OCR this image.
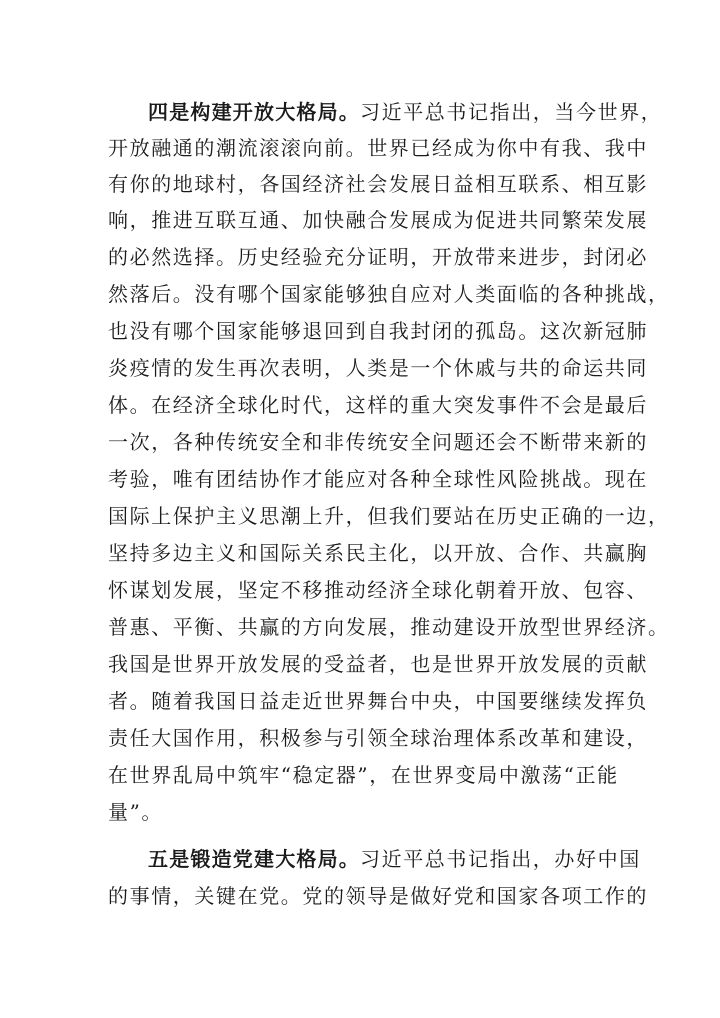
四是构建开放大格局。习近平总书记指出，当今世界，
开放融通的潮流滚滚向前。世界已经成为你中有我、我中
有你的地球村，各国经济社会发展日益相互联系、相互影
响，推进互联互通、加快融合发展成为促进共同繁荣发展
的必然选择。历史经验充分证明，开放带来进步，封闭必
然落后。没有哪个国家能够独自应对人类面临的各种挑战，
也没有哪个国家能够退回到自我封闭的孤岛。这次新冠肺
炎疫情的发生再次表明，人类是一个休戚与共的命运共同
体。在经济全球化时代，这样的重大突发事件不会是最后
一次，各种传统安全和非传统安全问题还会不断带来新的
考验，唯有团结协作才能应对各种全球性风险挑战。现在
国际上保护主义思潮上升，但我们要站在历史正确的一边，
坚持多边主义和国际关系民主化，以开放、合作、共赢胸
怀谋划发展，坚定不移推动经济全球化朝着开放、包容、
普惠、平衡、共赢的方向发展，推动建设开放型世界经济。
我国是世界开放发展的受益者，也是世界开放发展的贡献
者。随着我国日益走近世界舞台中央，中国要继续发挥负
责任大国作用，积极参与引领全球治理体系改革和建设，
在世界乱局中筑牢“稳定器”，在世界变局中激荡“正能
量”。
五是锻造党建大格局。习近平总书记指出，办好中国
的事情，关键在党。党的领导是做好党和国家各项工作的
